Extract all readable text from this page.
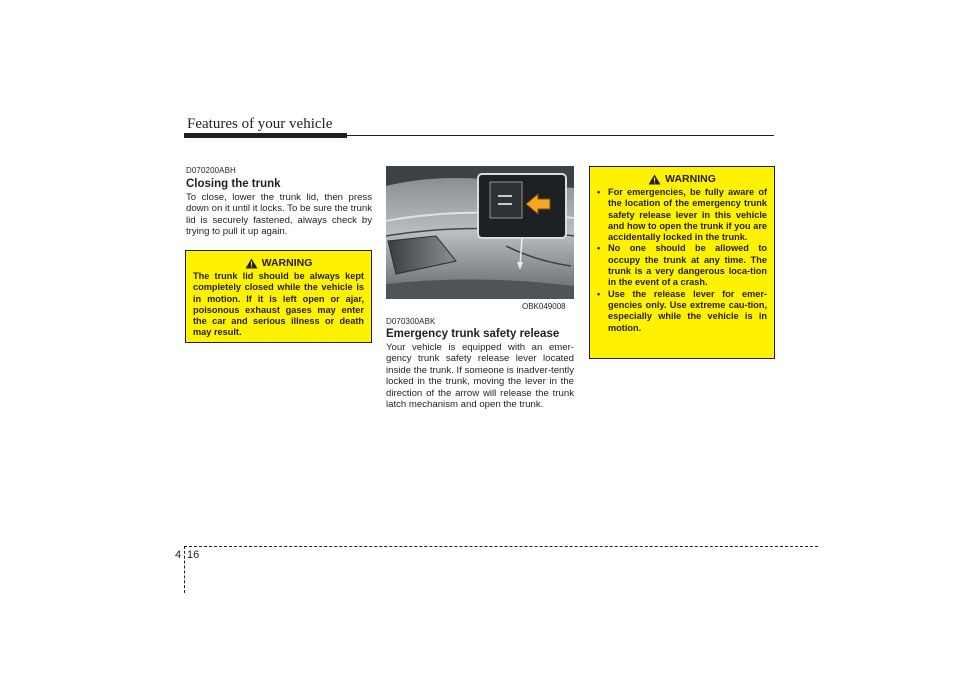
Features of your vehicle
D070200ABH
Closing the trunk
To close, lower the trunk lid, then press down on it until it locks. To be sure the trunk lid is securely fastened, always check by trying to pull it up again.
WARNING
The trunk lid should be always kept completely closed while the vehicle is in motion. If it is left open or ajar, poisonous exhaust gases may enter the car and serious illness or death may result.
OBK049008
D070300ABK
Emergency trunk safety release
Your vehicle is equipped with an emer-gency trunk safety release lever located inside the trunk. If someone is inadver-tently locked in the trunk, moving the lever in the direction of the arrow will release the trunk latch mechanism and open the trunk.
WARNING
• For emergencies, be fully aware of the location of the emergency trunk safety release lever in this vehicle and how to open the trunk if you are accidentally locked in the trunk.
• No one should be allowed to occupy the trunk at any time. The trunk is a very dangerous loca-tion in the event of a crash.
• Use the release lever for emer-gencies only. Use extreme cau-tion, especially while the vehicle is in motion.
4 16
